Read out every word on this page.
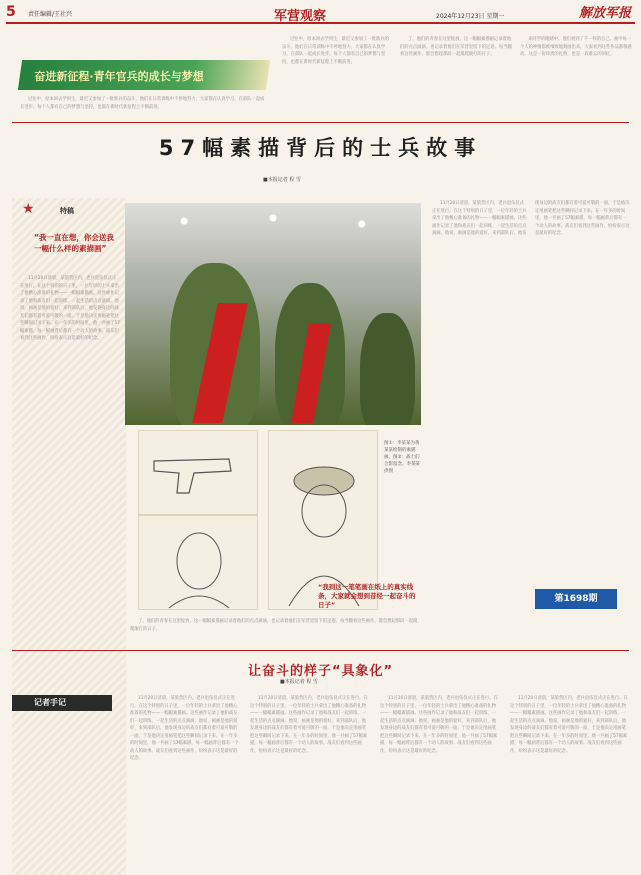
5 责任编辑/王社兴	军营观察	2024年12月23日 星期一	解放军报
奋进新征程·青年官兵的成长与梦想
过往中，原本回去学到生，最近又参加了一批新兵的奋斗，他们在日常训练中不停地努力，大家都在认真学习，在部队一起成长进步。每个人都有自己的梦想与坚持，也都在新时代新征程上不断前进。
了，他们的青春在这里绽放，这一幅幅素描画记录着他们的点点滴滴，也记录着他们在军营里留下的足迹。每当翻看这些画作，都会想起那段一起摸爬滚打的日子。
来同学的眼睛中，他们看到了不一样的自己。画中每一个人的神情都被细致地刻画出来，大家看到这些作品都很感动。这是一份珍贵的礼物，也是一段难忘的回忆。
过往中，原本回去学到生，最近又参加了一批新兵的奋斗，他们在日常训练中不停地努力，大家都在认真学习，在部队一起成长进步。每个人都有自己的梦想与坚持，也都在新时代新征程上不断前进。
57幅素描背后的士兵故事
■本报记者 程 雪
★	特稿
“我一直在想，你会送我一幅什么样的素描画”
11月20日清晨，某旅营区内，老兵退伍仪式正在进行。在这个特别的日子里，一位年轻的士兵拿出了他精心准备的礼物——一幅幅素描画。这些画作记录了他和战友们一起训练、一起生活的点点滴滴。他说，画画是他的爱好，来到部队后，他发现身边的战友们都有着可爱可敬的一面，于是他决定用画笔把这些瞬间记录下来。在一年多的时间里，他一共画了57幅素描，每一幅画背后都有一个动人的故事。战友们看到这些画作，纷纷表示这是最好的纪念。
①
11月20日清晨，某旅营区内，老兵退伍仪式正在进行。在这个特别的日子里，一位年轻的士兵拿出了他精心准备的礼物——一幅幅素描画。这些画作记录了他和战友们一起训练、一起生活的点点滴滴。他说，画画是他的爱好，来到部队后，他发现身边的战友们都有着可爱可敬的一面，于是他决定用画笔把这些瞬间记录下来。在一年多的时间里，他一共画了57幅素描，每一幅画背后都有一个动人的故事。战友们看到这些画作，纷纷表示这是最好的纪念。
图①：李某某为黄某某绘制的素描画。图②：战士们合影留念。李某某供图
了，他们的青春在这里绽放，这一幅幅素描画记录着他们的点点滴滴，也记录着他们在军营里留下的足迹。每当翻看这些画作，都会想起那段一起摸爬滚打的日子。
“我到这一笔笔画在纸上的真实线条，大家就会想到昔经一起奋斗的日子”
第1698期
让奋斗的样子“具象化”
■本报记者 程 雪
记者手记	11月20日清晨，某旅营区内，老兵退伍仪式正在进行。在这个特别的日子里，一位年轻的士兵拿出了他精心准备的礼物——一幅幅素描画。这些画作记录了他和战友们一起训练、一起生活的点点滴滴。他说，画画是他的爱好，来到部队后，他发现身边的战友们都有着可爱可敬的一面，于是他决定用画笔把这些瞬间记录下来。在一年多的时间里，他一共画了57幅素描，每一幅画背后都有一个动人的故事。战友们看到这些画作，纷纷表示这是最好的纪念。
11月20日清晨，某旅营区内，老兵退伍仪式正在进行。在这个特别的日子里，一位年轻的士兵拿出了他精心准备的礼物——一幅幅素描画。这些画作记录了他和战友们一起训练、一起生活的点点滴滴。他说，画画是他的爱好，来到部队后，他发现身边的战友们都有着可爱可敬的一面，于是他决定用画笔把这些瞬间记录下来。在一年多的时间里，他一共画了57幅素描，每一幅画背后都有一个动人的故事。战友们看到这些画作，纷纷表示这是最好的纪念。
11月20日清晨，某旅营区内，老兵退伍仪式正在进行。在这个特别的日子里，一位年轻的士兵拿出了他精心准备的礼物——一幅幅素描画。这些画作记录了他和战友们一起训练、一起生活的点点滴滴。他说，画画是他的爱好，来到部队后，他发现身边的战友们都有着可爱可敬的一面，于是他决定用画笔把这些瞬间记录下来。在一年多的时间里，他一共画了57幅素描，每一幅画背后都有一个动人的故事。战友们看到这些画作，纷纷表示这是最好的纪念。
11月20日清晨，某旅营区内，老兵退伍仪式正在进行。在这个特别的日子里，一位年轻的士兵拿出了他精心准备的礼物——一幅幅素描画。这些画作记录了他和战友们一起训练、一起生活的点点滴滴。他说，画画是他的爱好，来到部队后，他发现身边的战友们都有着可爱可敬的一面，于是他决定用画笔把这些瞬间记录下来。在一年多的时间里，他一共画了57幅素描，每一幅画背后都有一个动人的故事。战友们看到这些画作，纷纷表示这是最好的纪念。
